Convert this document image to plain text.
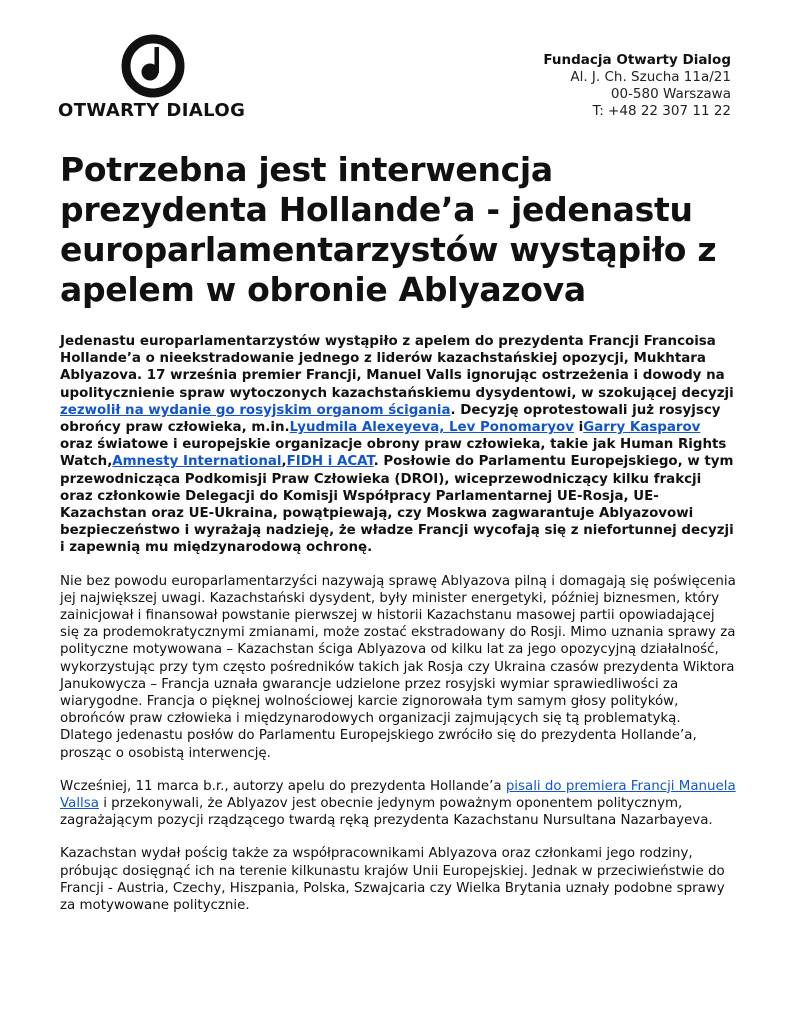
OTWARTY DIALOG
Fundacja Otwarty Dialog
Al. J. Ch. Szucha 11a/21
00-580 Warszawa
T: +48 22 307 11 22
Potrzebna jest interwencja prezydenta Hollande’a - jedenastu europarlamentarzystów wystąpiło z apelem w obronie Ablyazova

Jedenastu europarlamentarzystów wystąpiło z apelem do prezydenta Francji Francoisa Hollande’a o nieekstradowanie jednego z liderów kazachstańskiej opozycji, Mukhtara Ablyazova. 17 września premier Francji, Manuel Valls ignorując ostrzeżenia i dowody na upolitycznienie spraw wytoczonych kazachstańskiemu dysydentowi, w szokującej decyzji zezwolił na wydanie go rosyjskim organom ścigania. Decyzję oprotestowali już rosyjscy obrońcy praw człowieka, m.in.Lyudmila Alexeyeva, Lev Ponomaryov iGarry Kasparov oraz światowe i europejskie organizacje obrony praw człowieka, takie jak Human Rights Watch,Amnesty International,FIDH i ACAT. Posłowie do Parlamentu Europejskiego, w tym przewodnicząca Podkomisji Praw Człowieka (DROI), wiceprzewodniczący kilku frakcji oraz członkowie Delegacji do Komisji Współpracy Parlamentarnej UE-Rosja, UE-Kazachstan oraz UE-Ukraina, powątpiewają, czy Moskwa zagwarantuje Ablyazovowi bezpieczeństwo i wyrażają nadzieję, że władze Francji wycofają się z niefortunnej decyzji i zapewnią mu międzynarodową ochronę.

Nie bez powodu europarlamentarzyści nazywają sprawę Ablyazova pilną i domagają się poświęcenia jej największej uwagi. Kazachstański dysydent, były minister energetyki, później biznesmen, który zainicjował i finansował powstanie pierwszej w historii Kazachstanu masowej partii opowiadającej się za prodemokratycznymi zmianami, może zostać ekstradowany do Rosji. Mimo uznania sprawy za polityczne motywowana – Kazachstan ściga Ablyazova od kilku lat za jego opozycyjną działalność, wykorzystując przy tym często pośredników takich jak Rosja czy Ukraina czasów prezydenta Wiktora Janukowycza – Francja uznała gwarancje udzielone przez rosyjski wymiar sprawiedliwości za wiarygodne. Francja o pięknej wolnościowej karcie zignorowała tym samym głosy polityków, obrońców praw człowieka i międzynarodowych organizacji zajmujących się tą problematyką. Dlatego jedenastu posłów do Parlamentu Europejskiego zwróciło się do prezydenta Hollande’a, prosząc o osobistą interwencję.

Wcześniej, 11 marca b.r., autorzy apelu do prezydenta Hollande’a pisali do premiera Francji Manuela Vallsa i przekonywali, że Ablyazov jest obecnie jedynym poważnym oponentem politycznym, zagrażającym pozycji rządzącego twardą ręką prezydenta Kazachstanu Nursultana Nazarbayeva.

Kazachstan wydał pościg także za współpracownikami Ablyazova oraz członkami jego rodziny, próbując dosięgnąć ich na terenie kilkunastu krajów Unii Europejskiej. Jednak w przeciwieństwie do Francji - Austria, Czechy, Hiszpania, Polska, Szwajcaria czy Wielka Brytania uznały podobne sprawy za motywowane politycznie.
